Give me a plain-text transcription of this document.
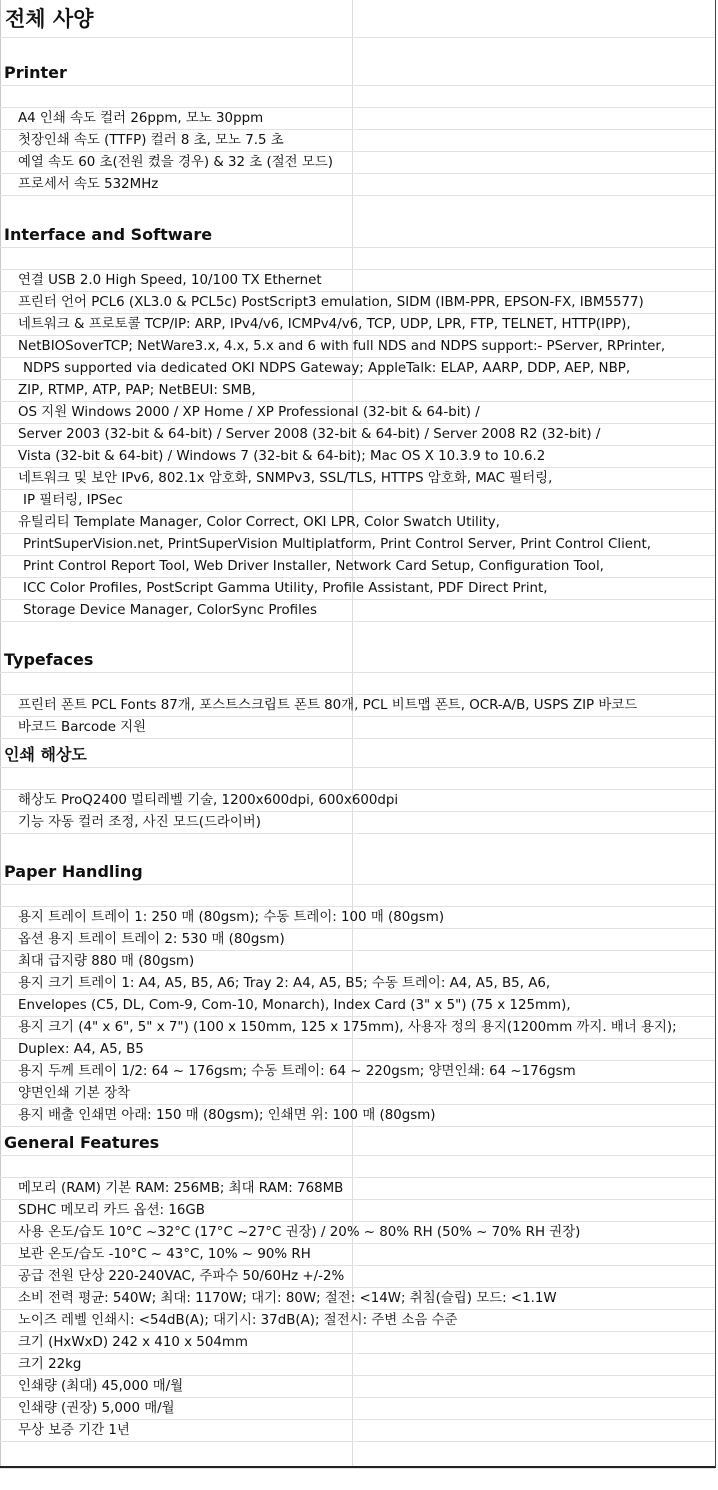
전체 사양
Printer
A4 인쇄 속도 컬러 26ppm, 모노 30ppm
첫장인쇄 속도 (TTFP) 컬러 8 초, 모노 7.5 초
예열 속도 60 초(전원 켰을 경우) & 32 초 (절전 모드)
프로세서 속도 532MHz
Interface and Software
연결 USB 2.0 High Speed, 10/100 TX Ethernet
프린터 언어 PCL6 (XL3.0 & PCL5c) PostScript3 emulation, SIDM (IBM-PPR, EPSON-FX, IBM5577)
네트워크 & 프로토콜 TCP/IP: ARP, IPv4/v6, ICMPv4/v6, TCP, UDP, LPR, FTP, TELNET, HTTP(IPP),
NetBIOSoverTCP; NetWare3.x, 4.x, 5.x and 6 with full NDS and NDPS support:- PServer, RPrinter,
NDPS supported via dedicated OKI NDPS Gateway; AppleTalk: ELAP, AARP, DDP, AEP, NBP,
ZIP, RTMP, ATP, PAP; NetBEUI: SMB,
OS 지원 Windows 2000 / XP Home / XP Professional (32-bit & 64-bit) /
Server 2003 (32-bit & 64-bit) / Server 2008 (32-bit & 64-bit) / Server 2008 R2 (32-bit) /
Vista (32-bit & 64-bit) / Windows 7 (32-bit & 64-bit); Mac OS X 10.3.9 to 10.6.2
네트워크 및 보안 IPv6, 802.1x 암호화, SNMPv3, SSL/TLS, HTTPS 암호화, MAC 필터링,
IP 필터링, IPSec
유틸리티 Template Manager, Color Correct, OKI LPR, Color Swatch Utility,
PrintSuperVision.net, PrintSuperVision Multiplatform, Print Control Server, Print Control Client,
Print Control Report Tool, Web Driver Installer, Network Card Setup, Configuration Tool,
ICC Color Profiles, PostScript Gamma Utility, Profile Assistant, PDF Direct Print,
Storage Device Manager, ColorSync Profiles
Typefaces
프린터 폰트 PCL Fonts 87개, 포스트스크립트 폰트 80개, PCL 비트맵 폰트, OCR-A/B, USPS ZIP 바코드
바코드 Barcode 지원
인쇄 해상도
해상도 ProQ2400 멀티레벨 기술, 1200x600dpi, 600x600dpi
기능 자동 컬러 조정, 사진 모드(드라이버)
Paper Handling
용지 트레이 트레이 1: 250 매 (80gsm); 수동 트레이: 100 매 (80gsm)
옵션 용지 트레이 트레이 2: 530 매 (80gsm)
최대 급지량 880 매 (80gsm)
용지 크기 트레이 1: A4, A5, B5, A6; Tray 2: A4, A5, B5; 수동 트레이: A4, A5, B5, A6,
Envelopes (C5, DL, Com-9, Com-10, Monarch), Index Card (3" x 5") (75 x 125mm),
용지 크기 (4" x 6", 5" x 7") (100 x 150mm, 125 x 175mm), 사용자 정의 용지(1200mm 까지. 배너 용지);
Duplex: A4, A5, B5
용지 두께 트레이 1/2: 64 ~ 176gsm; 수동 트레이: 64 ~ 220gsm; 양면인쇄: 64 ~176gsm
양면인쇄 기본 장착
용지 배출 인쇄면 아래: 150 매 (80gsm); 인쇄면 위: 100 매 (80gsm)
General Features
메모리 (RAM) 기본 RAM: 256MB; 최대 RAM: 768MB
SDHC 메모리 카드 옵션: 16GB
사용 온도/습도 10°C ~32°C (17°C ~27°C 권장) / 20% ~ 80% RH (50% ~ 70% RH 권장)
보관 온도/습도 -10°C ~ 43°C, 10% ~ 90% RH
공급 전원 단상 220-240VAC, 주파수 50/60Hz +/-2%
소비 전력 평균: 540W; 최대: 1170W; 대기: 80W; 절전: <14W; 취침(슬립) 모드: <1.1W
노이즈 레벨 인쇄시: <54dB(A); 대기시: 37dB(A); 절전시: 주변 소음 수준
크기 (HxWxD) 242 x 410 x 504mm
크기 22kg
인쇄량 (최대) 45,000 매/월
인쇄량 (권장) 5,000 매/월
무상 보증 기간 1년
